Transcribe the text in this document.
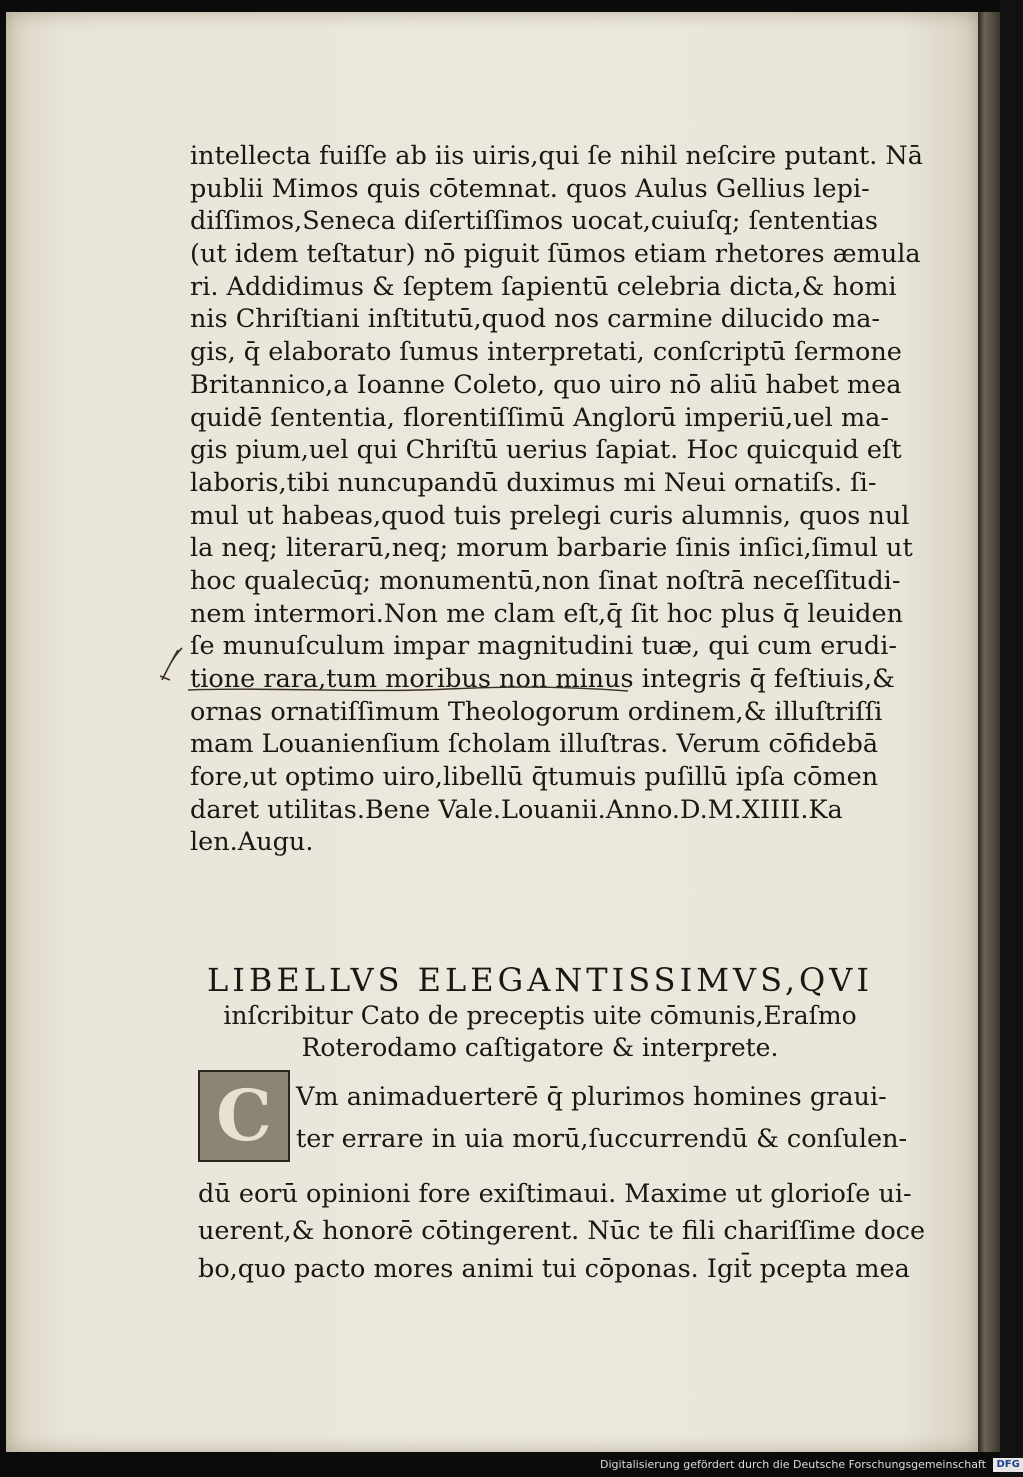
intellecta fuiſſe ab iis uiris,qui ſe nihil neſcire putant. Nā
publii Mimos quis cōtemnat. quos Aulus Gellius lepi-
diſſimos,Seneca diſertiſſimos uocat,cuiuſq; ſententias
(ut idem teſtatur) nō piguit ſūmos etiam rhetores æmula
ri. Addidimus & ſeptem ſapientū celebria dicta,& homi
nis Chriſtiani inſtitutū,quod nos carmine dilucido ma-
gis, q̄ elaborato ſumus interpretati, conſcriptū ſermone
Britannico,a Ioanne Coleto, quo uiro nō aliū habet mea
quidē ſententia, florentiſſimū Anglorū imperiū,uel ma-
gis pium,uel qui Chriſtū uerius ſapiat. Hoc quicquid eſt
laboris,tibi nuncupandū duximus mi Neui ornatiſs. ſi-
mul ut habeas,quod tuis prelegi curis alumnis, quos nul
la neq; literarū,neq; morum barbarie ſinis inſici,ſimul ut
hoc qualecūq; monumentū,non ſinat noſtrā neceſſitudi-
nem intermori.Non me clam eſt,q̄ ſit hoc plus q̄ leuiden
ſe munuſculum impar magnitudini tuæ, qui cum erudi-
tione rara,tum moribus non minus integris q̄ feſtiuis,&
ornas ornatiſſimum Theologorum ordinem,& illuſtriſſi
mam Louanienſium ſcholam illuſtras. Verum cōfidebā
fore,ut optimo uiro,libellū q̄tumuis puſillū ipſa cōmen
daret utilitas.Bene Vale.Louanii.Anno.D.M.XIIII.Ka
len.Augu.
LIBELLVS ELEGANTISSIMVS,QVI
inſcribitur Cato de preceptis uite cōmunis,Eraſmo
Roterodamo caſtigatore & interprete.
C Vm animaduerterē q̄ plurimos homines graui-
ter errare in uia morū,ſuccurrendū & conſulen-
dū eorū opinioni fore exiſtimaui. Maxime ut glorioſe ui-
uerent,& honorē cōtingerent. Nūc te fili chariſſime doce
bo,quo pacto mores animi tui cōponas. Igit̄ pcepta mea
Digitalisierung gefördert durch die Deutsche Forschungsgemeinschaft DFG
